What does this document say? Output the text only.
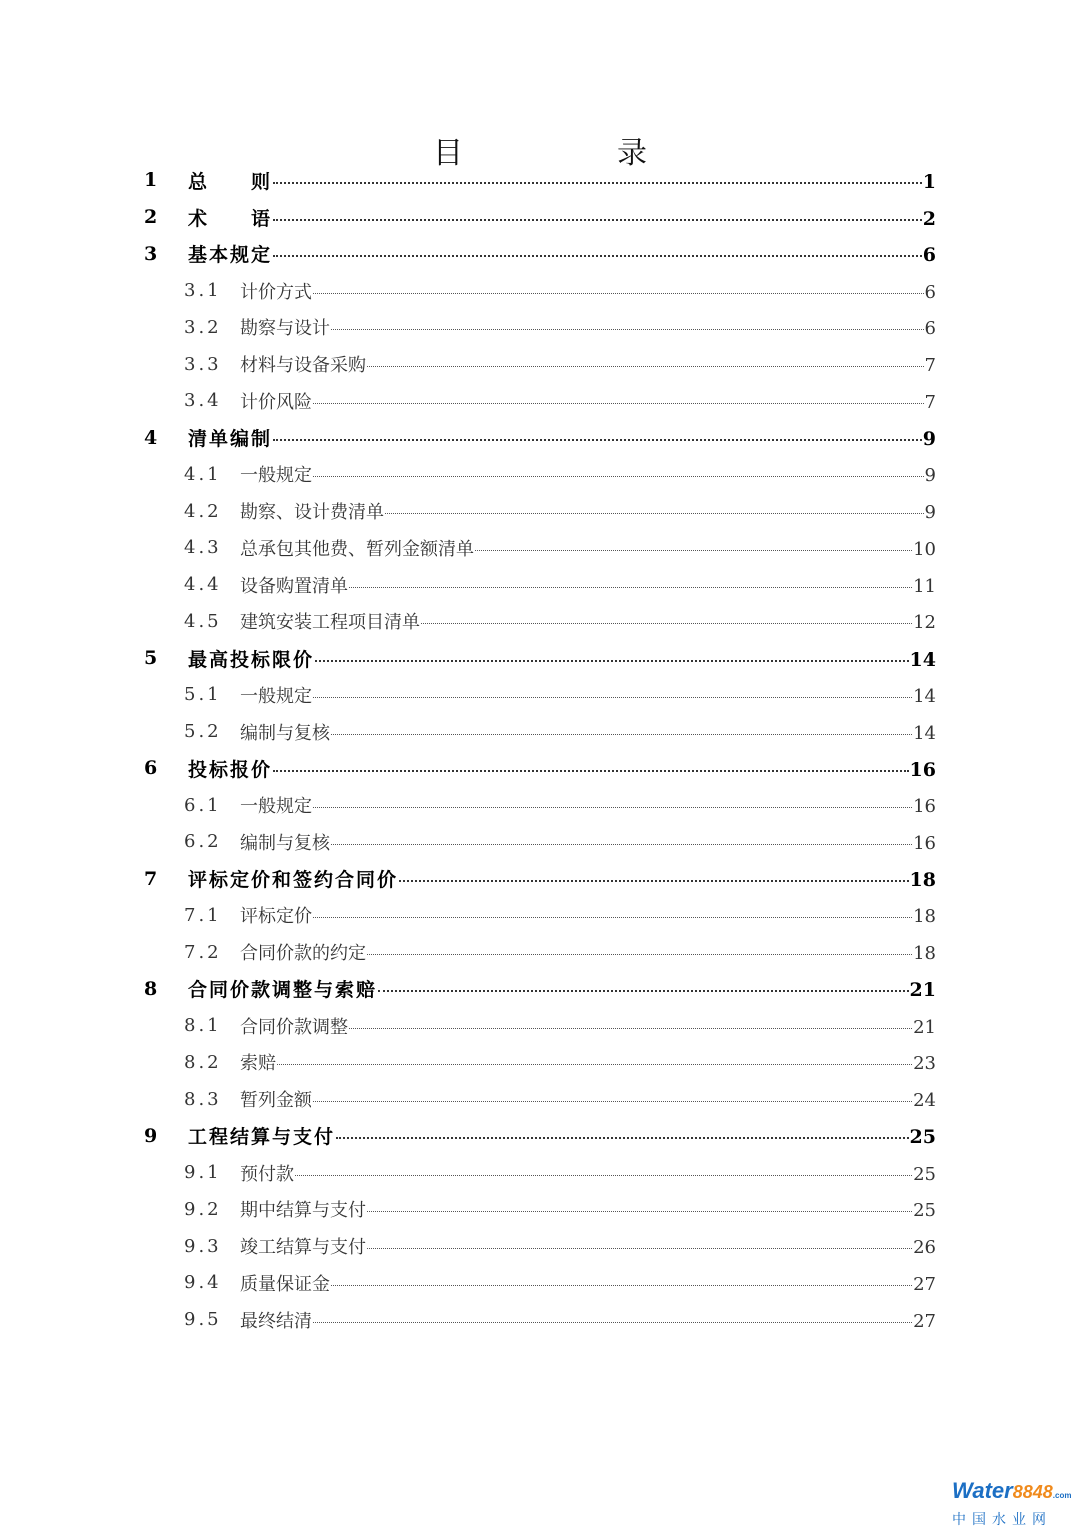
目　录
1 总　　则	1
2 术　　语	2
3 基本规定	6
3.1 计价方式	6
3.2 勘察与设计	6
3.3 材料与设备采购	7
3.4 计价风险	7
4 清单编制	9
4.1 一般规定	9
4.2 勘察、设计费清单	9
4.3 总承包其他费、暂列金额清单	10
4.4 设备购置清单	11
4.5 建筑安装工程项目清单	12
5 最高投标限价	14
5.1 一般规定	14
5.2 编制与复核	14
6 投标报价	16
6.1 一般规定	16
6.2 编制与复核	16
7 评标定价和签约合同价	18
7.1 评标定价	18
7.2 合同价款的约定	18
8 合同价款调整与索赔	21
8.1 合同价款调整	21
8.2 索赔	23
8.3 暂列金额	24
9 工程结算与支付	25
9.1 预付款	25
9.2 期中结算与支付	25
9.3 竣工结算与支付	26
9.4 质量保证金	27
9.5 最终结清	27
Water8848.com
中国水业网
